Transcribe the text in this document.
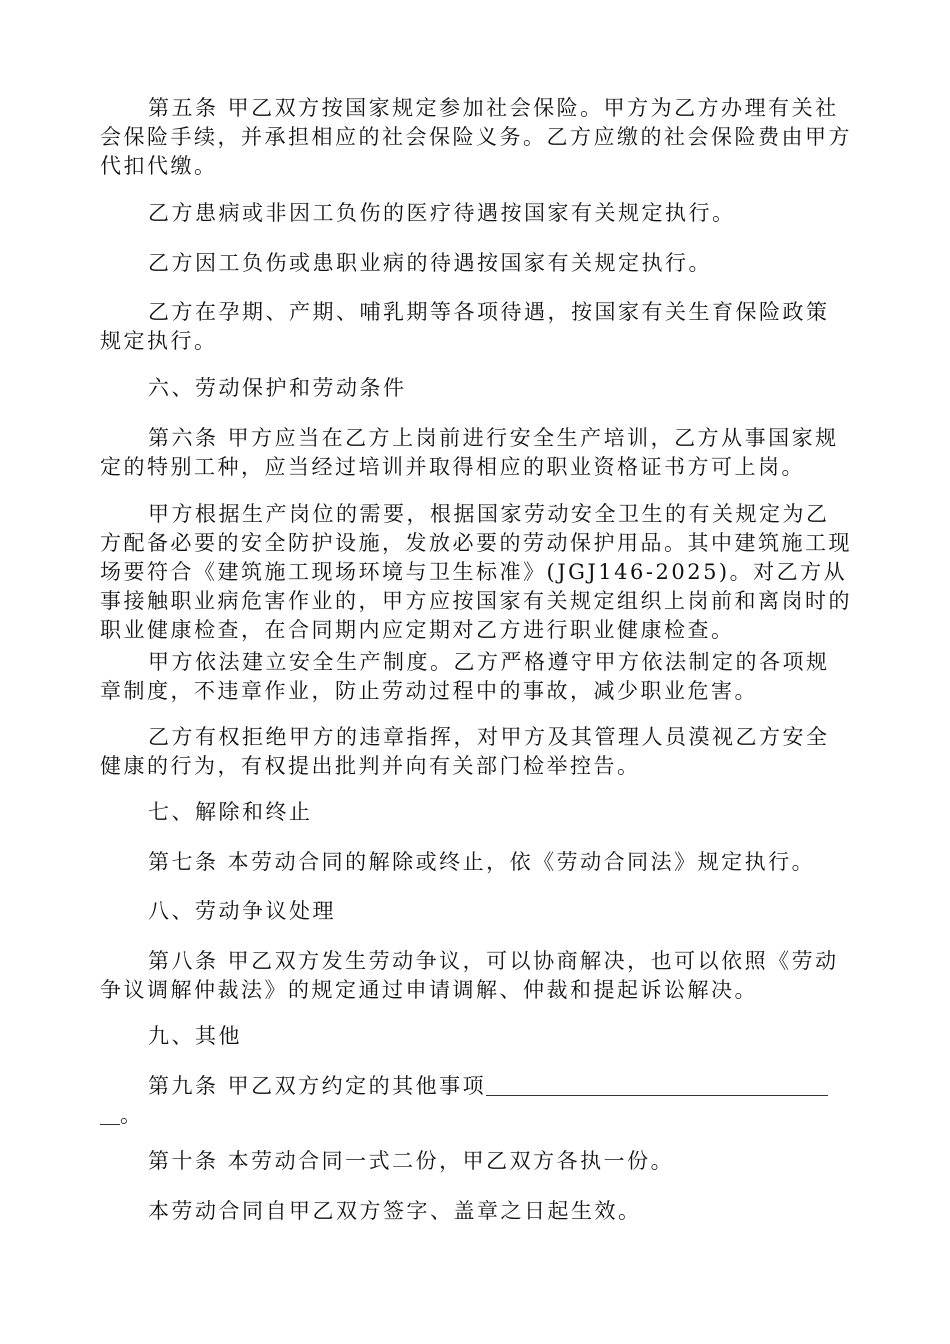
第五条 甲乙双方按国家规定参加社会保险。甲方为乙方办理有关社会保险手续，并承担相应的社会保险义务。乙方应缴的社会保险费由甲方代扣代缴。

乙方患病或非因工负伤的医疗待遇按国家有关规定执行。

乙方因工负伤或患职业病的待遇按国家有关规定执行。

乙方在孕期、产期、哺乳期等各项待遇，按国家有关生育保险政策规定执行。

六、劳动保护和劳动条件

第六条 甲方应当在乙方上岗前进行安全生产培训，乙方从事国家规定的特别工种，应当经过培训并取得相应的职业资格证书方可上岗。

甲方根据生产岗位的需要，根据国家劳动安全卫生的有关规定为乙方配备必要的安全防护设施，发放必要的劳动保护用品。其中建筑施工现场要符合《建筑施工现场环境与卫生标准》(JGJ146-2025)。对乙方从事接触职业病危害作业的，甲方应按国家有关规定组织上岗前和离岗时的职业健康检查，在合同期内应定期对乙方进行职业健康检查。

甲方依法建立安全生产制度。乙方严格遵守甲方依法制定的各项规章制度，不违章作业，防止劳动过程中的事故，减少职业危害。

乙方有权拒绝甲方的违章指挥，对甲方及其管理人员漠视乙方安全健康的行为，有权提出批判并向有关部门检举控告。

七、解除和终止

第七条 本劳动合同的解除或终止，依《劳动合同法》规定执行。

八、劳动争议处理

第八条 甲乙双方发生劳动争议，可以协商解决，也可以依照《劳动争议调解仲裁法》的规定通过申请调解、仲裁和提起诉讼解决。

九、其他

第九条 甲乙双方约定的其他事项
。

第十条 本劳动合同一式二份，甲乙双方各执一份。

本劳动合同自甲乙双方签字、盖章之日起生效。
